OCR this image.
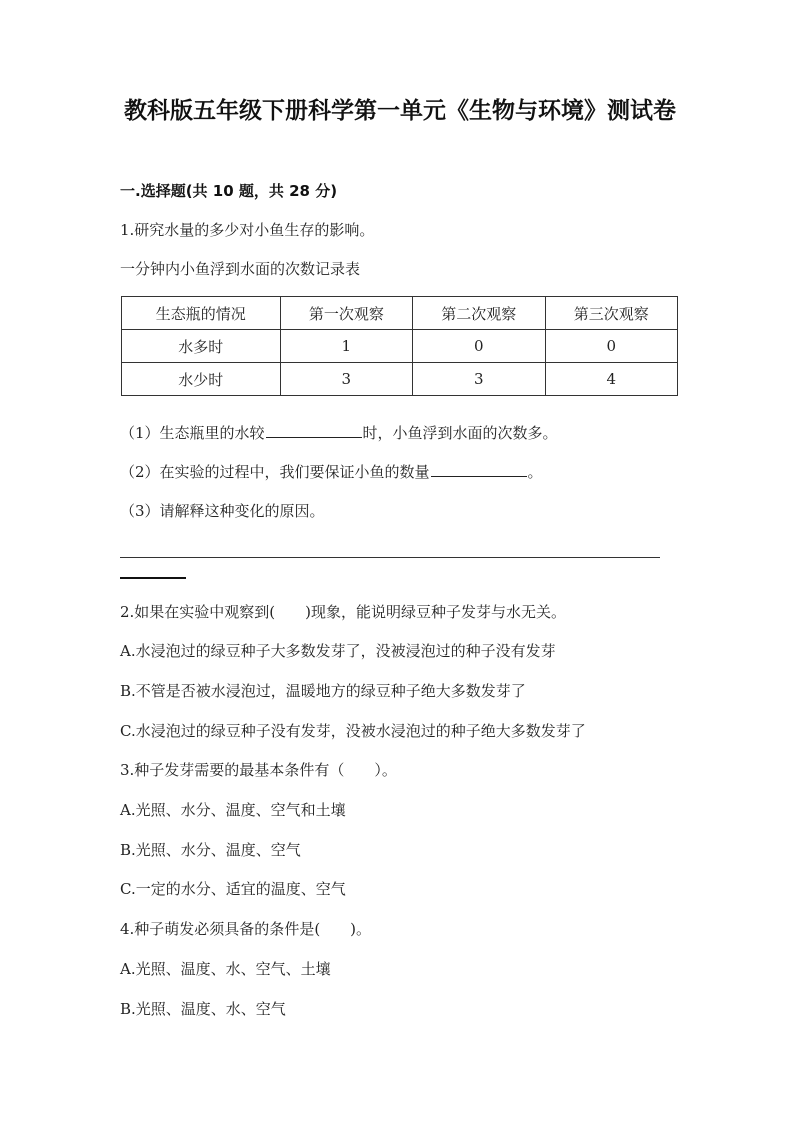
教科版五年级下册科学第一单元《生物与环境》测试卷
一.选择题(共 10 题，共 28 分)
1.研究水量的多少对小鱼生存的影响。
一分钟内小鱼浮到水面的次数记录表
生态瓶的情况	第一次观察	第二次观察	第三次观察
水多时	1	0	0
水少时	3	3	4
（1）生态瓶里的水较	时，小鱼浮到水面的次数多。
（2）在实验的过程中，我们要保证小鱼的数量	。
（3）请解释这种变化的原因。
2.如果在实验中观察到(　　)现象，能说明绿豆种子发芽与水无关。
A.水浸泡过的绿豆种子大多数发芽了，没被浸泡过的种子没有发芽
B.不管是否被水浸泡过，温暖地方的绿豆种子绝大多数发芽了
C.水浸泡过的绿豆种子没有发芽，没被水浸泡过的种子绝大多数发芽了
3.种子发芽需要的最基本条件有（　　）。
A.光照、水分、温度、空气和土壤
B.光照、水分、温度、空气
C.一定的水分、适宜的温度、空气
4.种子萌发必须具备的条件是(　　)。
A.光照、温度、水、空气、土壤
B.光照、温度、水、空气
